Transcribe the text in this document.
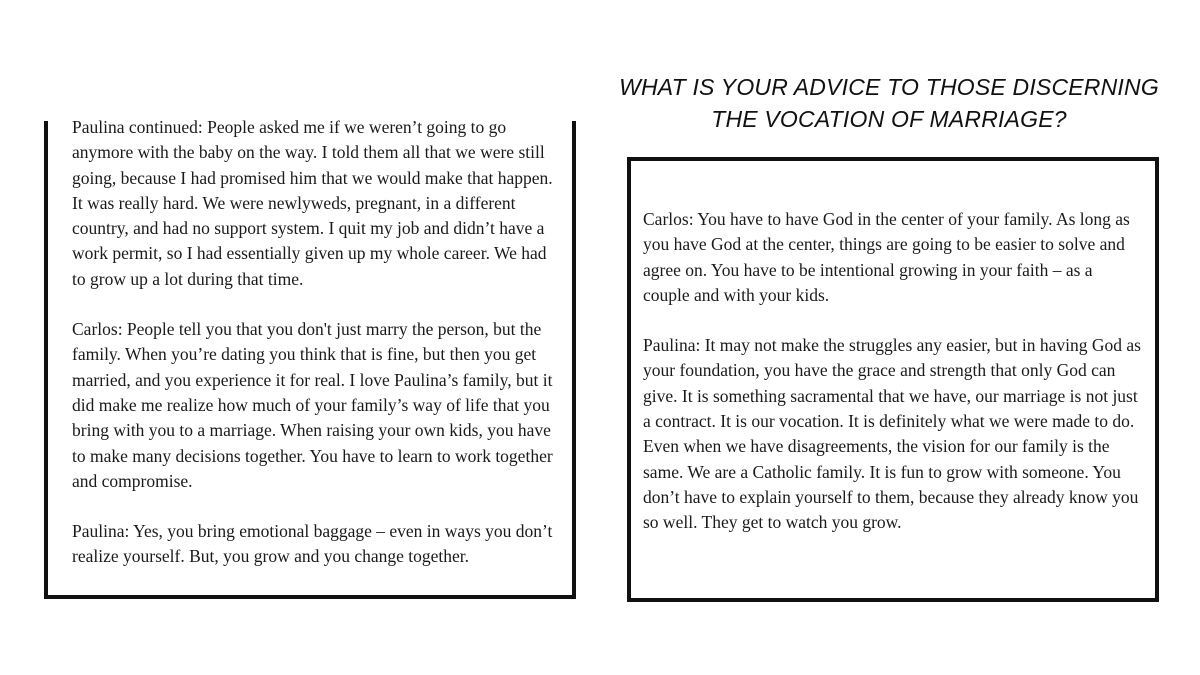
Paulina continued: People asked me if we weren’t going to go anymore with the baby on the way. I told them all that we were still going, because I had promised him that we would make that happen. It was really hard. We were newlyweds, pregnant, in a different country, and had no support system. I quit my job and didn’t have a work permit, so I had essentially given up my whole career. We had to grow up a lot during that time.

Carlos: People tell you that you don't just marry the person, but the family. When you’re dating you think that is fine, but then you get married, and you experience it for real. I love Paulina’s family, but it did make me realize how much of your family’s way of life that you bring with you to a marriage. When raising your own kids, you have to make many decisions together. You have to learn to work together and compromise.

Paulina: Yes, you bring emotional baggage – even in ways you don’t realize yourself. But, you grow and you change together.

WHAT IS YOUR ADVICE TO THOSE DISCERNING THE VOCATION OF MARRIAGE?

Carlos: You have to have God in the center of your family. As long as you have God at the center, things are going to be easier to solve and agree on. You have to be intentional growing in your faith – as a couple and with your kids.

Paulina: It may not make the struggles any easier, but in having God as your foundation, you have the grace and strength that only God can give. It is something sacramental that we have, our marriage is not just a contract. It is our vocation. It is definitely what we were made to do. Even when we have disagreements, the vision for our family is the same. We are a Catholic family. It is fun to grow with someone. You don’t have to explain yourself to them, because they already know you so well. They get to watch you grow.
